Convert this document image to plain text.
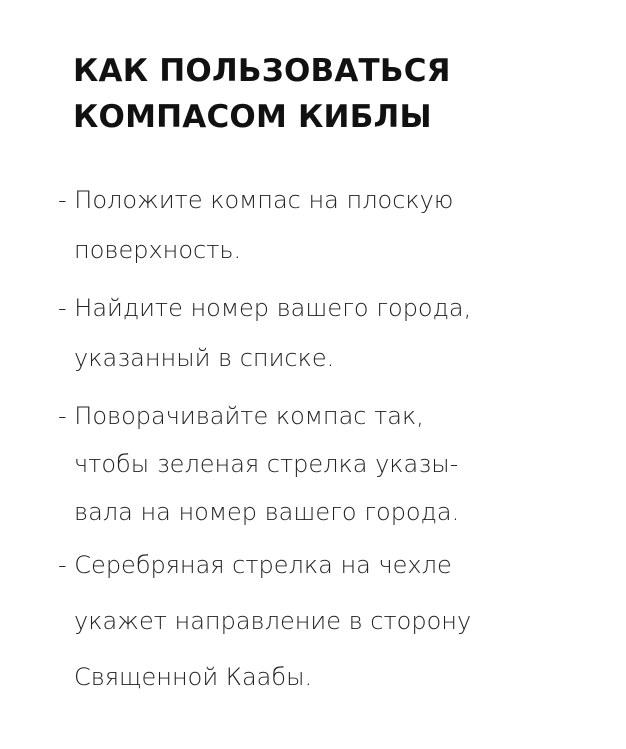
КАК ПОЛЬЗОВАТЬСЯ
КОМПАСОМ КИБЛЫ
- Положите компас на плоскую
поверхность.
- Найдите номер вашего города,
указанный в списке.
- Поворачивайте компас так,
чтобы зеленая стрелка указы-
вала на номер вашего города.
- Серебряная стрелка на чехле
укажет направление в сторону
Священной Каабы.
